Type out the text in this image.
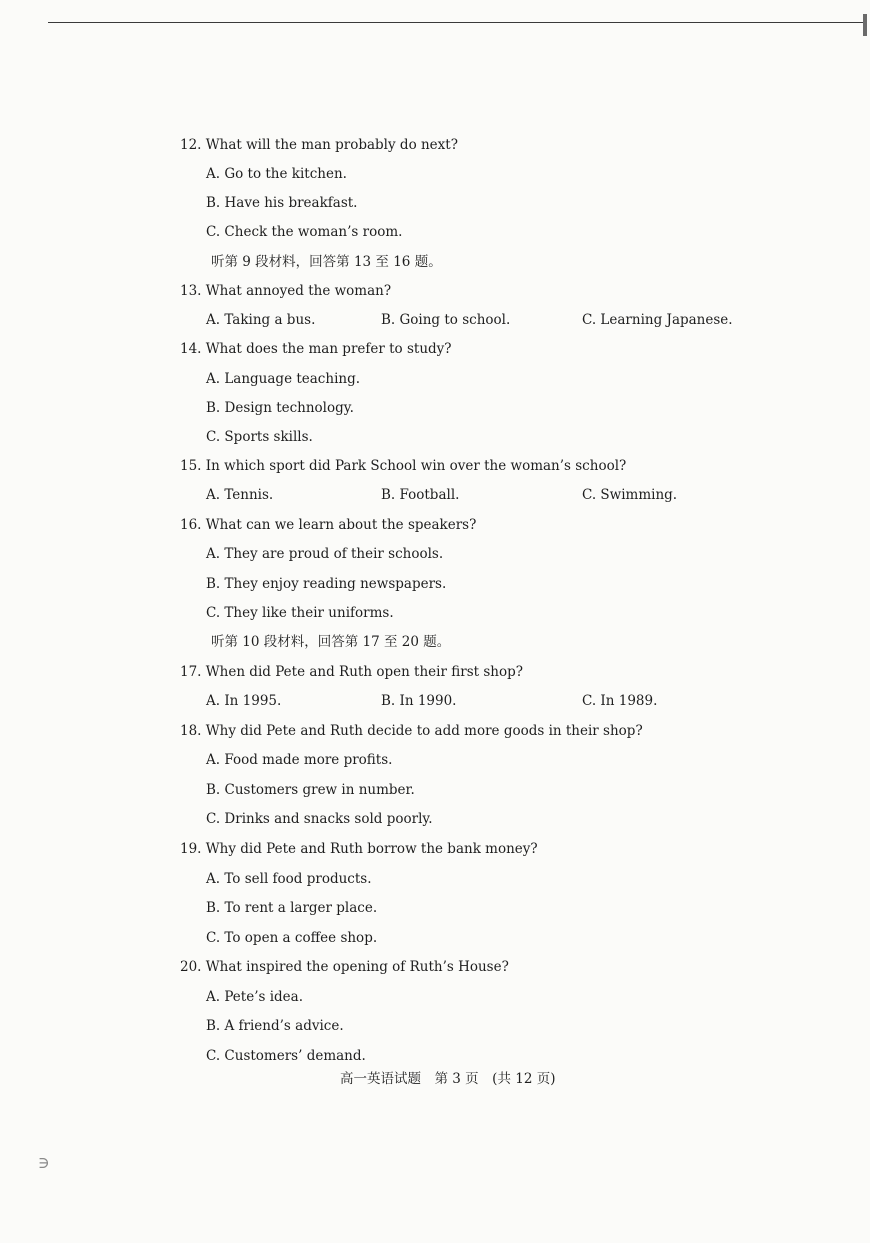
12. What will the man probably do next?
A. Go to the kitchen.
B. Have his breakfast.
C. Check the woman’s room.
听第 9 段材料，回答第 13 至 16 题。
13. What annoyed the woman?
A. Taking a bus.	B. Going to school.	C. Learning Japanese.
14. What does the man prefer to study?
A. Language teaching.
B. Design technology.
C. Sports skills.
15. In which sport did Park School win over the woman’s school?
A. Tennis.	B. Football.	C. Swimming.
16. What can we learn about the speakers?
A. They are proud of their schools.
B. They enjoy reading newspapers.
C. They like their uniforms.
听第 10 段材料，回答第 17 至 20 题。
17. When did Pete and Ruth open their first shop?
A. In 1995.	B. In 1990.	C. In 1989.
18. Why did Pete and Ruth decide to add more goods in their shop?
A. Food made more profits.
B. Customers grew in number.
C. Drinks and snacks sold poorly.
19. Why did Pete and Ruth borrow the bank money?
A. To sell food products.
B. To rent a larger place.
C. To open a coffee shop.
20. What inspired the opening of Ruth’s House?
A. Pete’s idea.
B. A friend’s advice.
C. Customers’ demand.
高一英语试题　第 3 页　(共 12 页)
∋
